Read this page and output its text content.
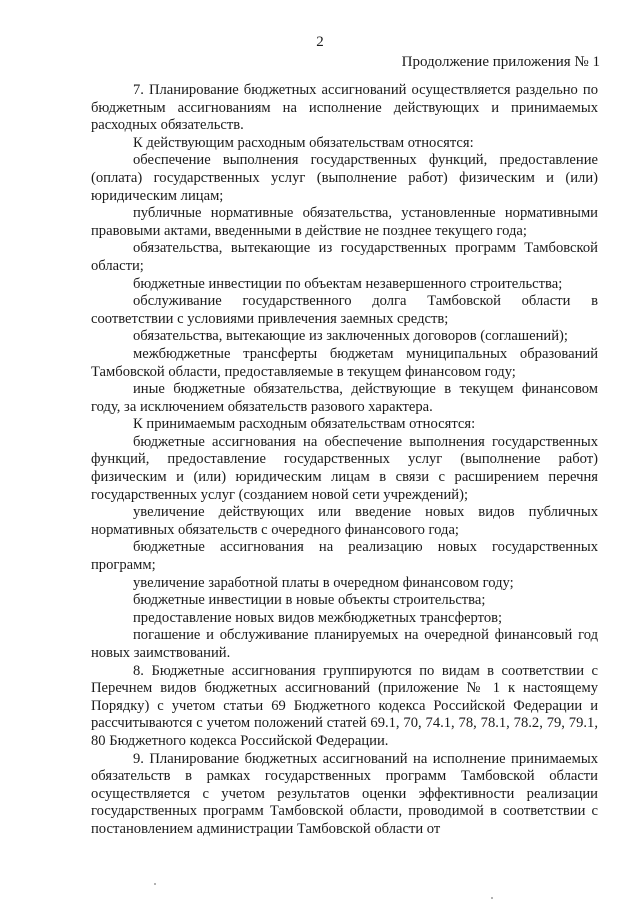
2
Продолжение приложения № 1

7. Планирование бюджетных ассигнований осуществляется раздельно по бюджетным ассигнованиям на исполнение действующих и принимаемых расходных обязательств.

К действующим расходным обязательствам относятся:

обеспечение выполнения государственных функций, предоставление (оплата) государственных услуг (выполнение работ) физическим и (или) юридическим лицам;

публичные нормативные обязательства, установленные нормативными правовыми актами, введенными в действие не позднее текущего года;

обязательства, вытекающие из государственных программ Тамбовской области;

бюджетные инвестиции по объектам незавершенного строительства;

обслуживание государственного долга Тамбовской области в соответствии с условиями привлечения заемных средств;

обязательства, вытекающие из заключенных договоров (соглашений);

межбюджетные трансферты бюджетам муниципальных образований Тамбовской области, предоставляемые в текущем финансовом году;

иные бюджетные обязательства, действующие в текущем финансовом году, за исключением обязательств разового характера.

К принимаемым расходным обязательствам относятся:

бюджетные ассигнования на обеспечение выполнения государственных функций, предоставление государственных услуг (выполнение работ) физическим и (или) юридическим лицам в связи с расширением перечня государственных услуг (созданием новой сети учреждений);

увеличение действующих или введение новых видов публичных нормативных обязательств с очередного финансового года;

бюджетные ассигнования на реализацию новых государственных программ;

увеличение заработной платы в очередном финансовом году;

бюджетные инвестиции в новые объекты строительства;

предоставление новых видов межбюджетных трансфертов;

погашение и обслуживание планируемых на очередной финансовый год новых заимствований.

8. Бюджетные ассигнования группируются по видам в соответствии с Перечнем видов бюджетных ассигнований (приложение № 1 к настоящему Порядку) с учетом статьи 69 Бюджетного кодекса Российской Федерации и рассчитываются с учетом положений статей 69.1, 70, 74.1, 78, 78.1, 78.2, 79, 79.1, 80 Бюджетного кодекса Российской Федерации.

9. Планирование бюджетных ассигнований на исполнение принимаемых обязательств в рамках государственных программ Тамбовской области осуществляется с учетом результатов оценки эффективности реализации государственных программ Тамбовской области, проводимой в соответствии с постановлением администрации Тамбовской области от
